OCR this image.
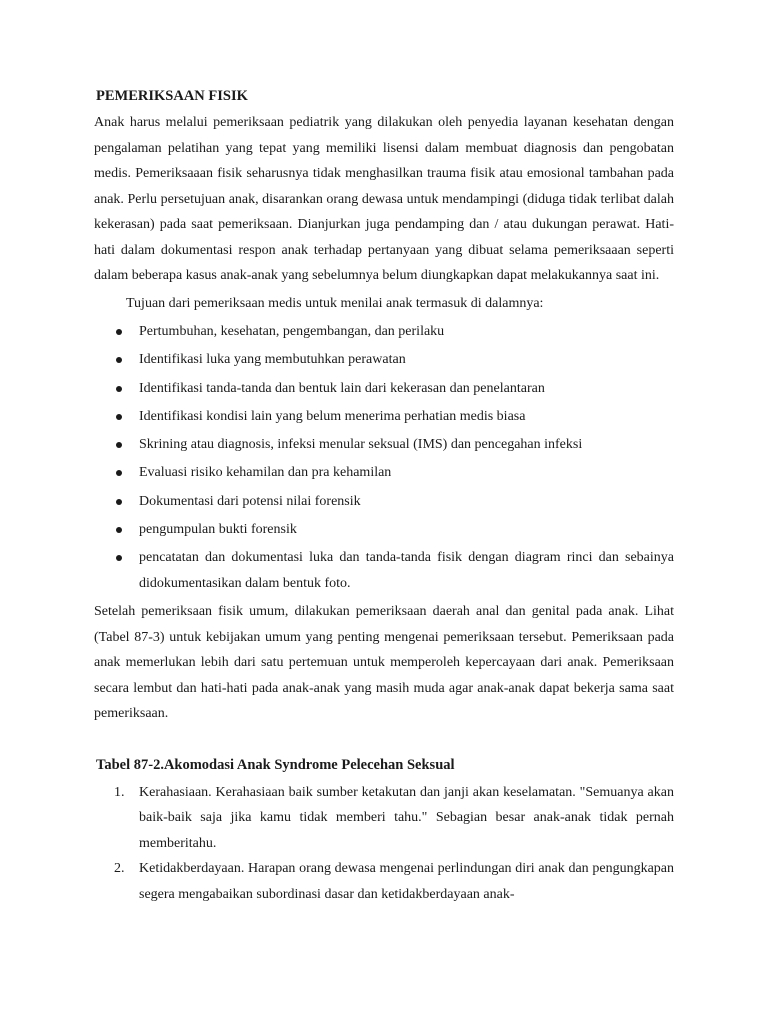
PEMERIKSAAN FISIK

Anak harus melalui pemeriksaan pediatrik yang dilakukan oleh penyedia layanan kesehatan dengan pengalaman pelatihan yang tepat yang memiliki lisensi dalam membuat diagnosis dan pengobatan medis. Pemeriksaaan fisik seharusnya tidak menghasilkan trauma fisik atau emosional tambahan pada anak. Perlu persetujuan anak, disarankan orang dewasa untuk mendampingi (diduga tidak terlibat dalah kekerasan) pada saat pemeriksaan. Dianjurkan juga pendamping dan / atau dukungan perawat. Hati-hati dalam dokumentasi respon anak terhadap pertanyaan yang dibuat selama pemeriksaaan seperti dalam beberapa kasus anak-anak yang sebelumnya belum diungkapkan dapat melakukannya saat ini.

Tujuan dari pemeriksaan medis untuk menilai anak termasuk di dalamnya:
Pertumbuhan, kesehatan, pengembangan, dan perilaku
Identifikasi luka yang membutuhkan perawatan
Identifikasi tanda-tanda dan bentuk lain dari kekerasan dan penelantaran
Identifikasi kondisi lain yang belum menerima perhatian medis biasa
Skrining atau diagnosis, infeksi menular seksual (IMS) dan pencegahan infeksi
Evaluasi risiko kehamilan dan pra kehamilan
Dokumentasi dari potensi nilai forensik
pengumpulan bukti forensik
pencatatan dan dokumentasi luka dan tanda-tanda fisik dengan diagram rinci dan sebainya didokumentasikan dalam bentuk foto.

Setelah pemeriksaan fisik umum, dilakukan pemeriksaan daerah anal dan genital pada anak. Lihat (Tabel 87-3) untuk kebijakan umum yang penting mengenai pemeriksaan tersebut. Pemeriksaan pada anak memerlukan lebih dari satu pertemuan untuk memperoleh kepercayaan dari anak. Pemeriksaan secara lembut dan hati-hati pada anak-anak yang masih muda agar anak-anak dapat bekerja sama saat pemeriksaan.

Tabel 87-2.Akomodasi Anak Syndrome Pelecehan Seksual
1. Kerahasiaan. Kerahasiaan baik sumber ketakutan dan janji akan keselamatan. "Semuanya akan baik-baik saja jika kamu tidak memberi tahu." Sebagian besar anak-anak tidak pernah memberitahu.
2. Ketidakberdayaan. Harapan orang dewasa mengenai perlindungan diri anak dan pengungkapan segera mengabaikan subordinasi dasar dan ketidakberdayaan anak-
